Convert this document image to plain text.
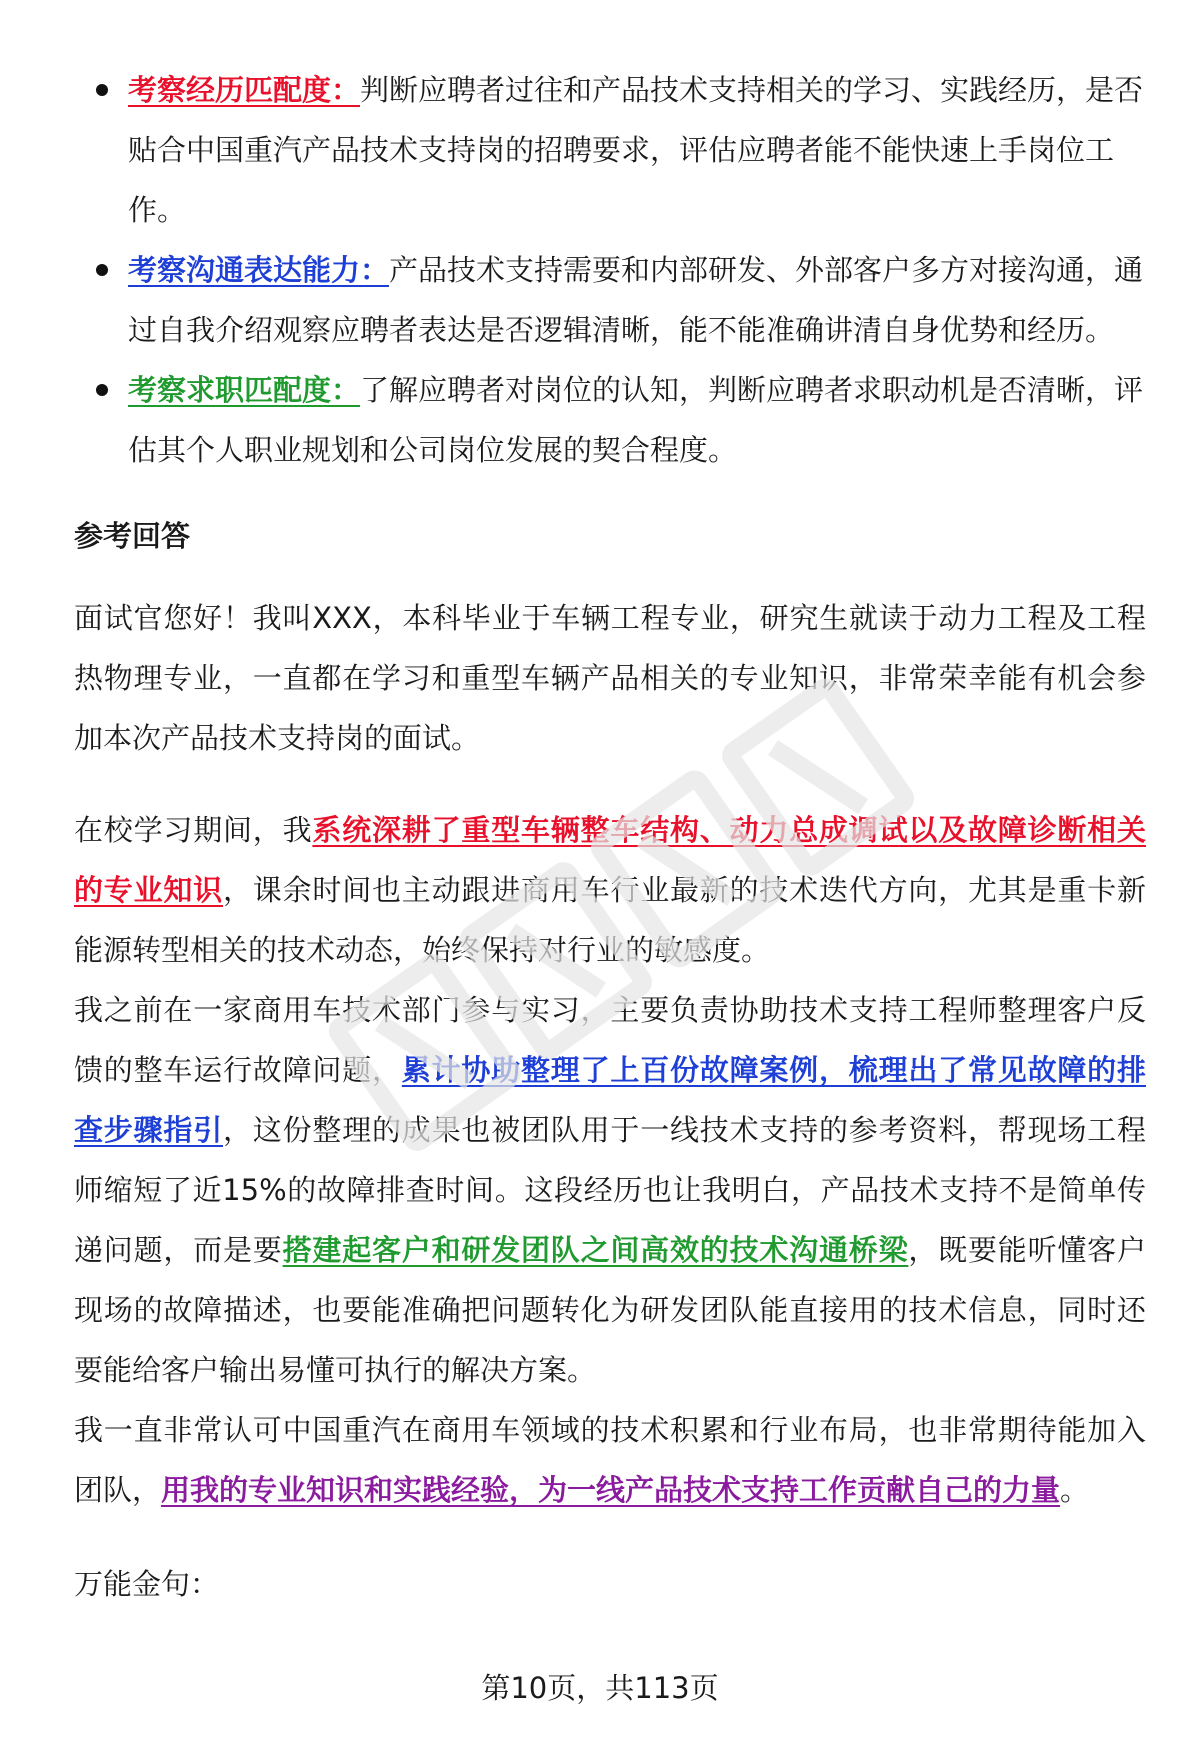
考察经历匹配度：判断应聘者过往和产品技术支持相关的学习、实践经历，是否贴合中国重汽产品技术支持岗的招聘要求，评估应聘者能不能快速上手岗位工作。
考察沟通表达能力：产品技术支持需要和内部研发、外部客户多方对接沟通，通过自我介绍观察应聘者表达是否逻辑清晰，能不能准确讲清自身优势和经历。
考察求职匹配度：了解应聘者对岗位的认知，判断应聘者求职动机是否清晰，评估其个人职业规划和公司岗位发展的契合程度。
参考回答

面试官您好！我叫XXX，本科毕业于车辆工程专业，研究生就读于动力工程及工程热物理专业，一直都在学习和重型车辆产品相关的专业知识，非常荣幸能有机会参加本次产品技术支持岗的面试。

在校学习期间，我系统深耕了重型车辆整车结构、动力总成调试以及故障诊断相关的专业知识，课余时间也主动跟进商用车行业最新的技术迭代方向，尤其是重卡新能源转型相关的技术动态，始终保持对行业的敏感度。

我之前在一家商用车技术部门参与实习，主要负责协助技术支持工程师整理客户反馈的整车运行故障问题，累计协助整理了上百份故障案例，梳理出了常见故障的排查步骤指引，这份整理的成果也被团队用于一线技术支持的参考资料，帮现场工程师缩短了近15%的故障排查时间。这段经历也让我明白，产品技术支持不是简单传递问题，而是要搭建起客户和研发团队之间高效的技术沟通桥梁，既要能听懂客户现场的故障描述，也要能准确把问题转化为研发团队能直接用的技术信息，同时还要能给客户输出易懂可执行的解决方案。

我一直非常认可中国重汽在商用车领域的技术积累和行业布局，也非常期待能加入团队，用我的专业知识和实践经验，为一线产品技术支持工作贡献自己的力量。

万能金句：
第10页，共113页
